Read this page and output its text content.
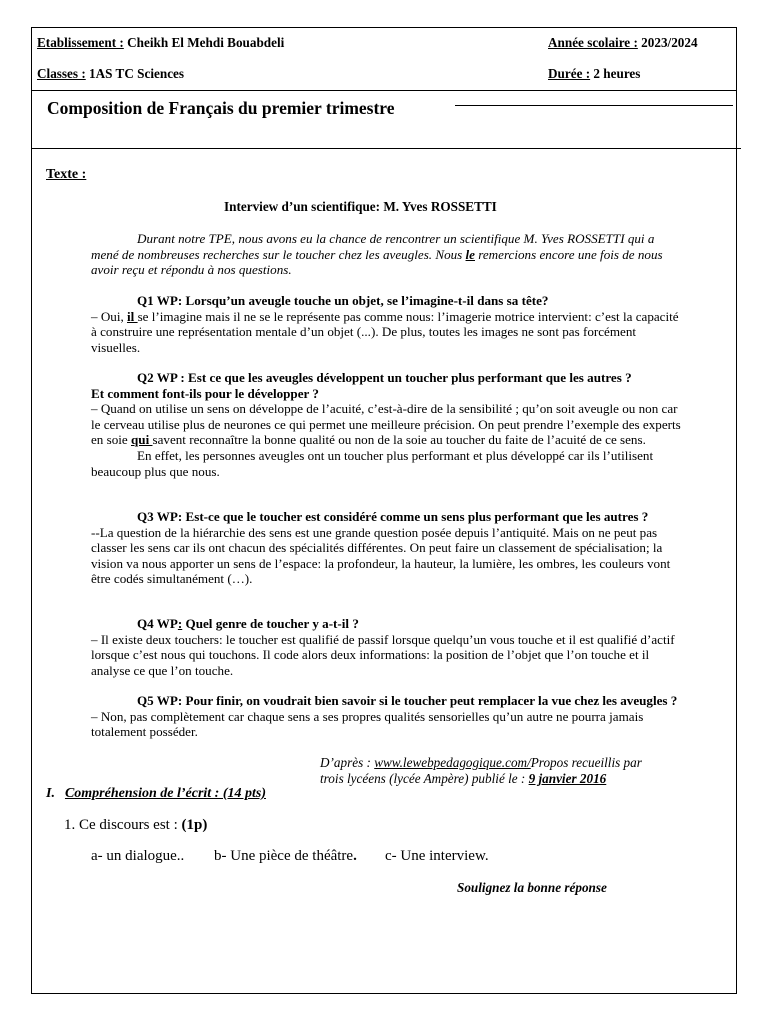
Etablissement : Cheikh El Mehdi Bouabdeli	Année scolaire : 2023/2024
Classes : 1AS TC Sciences	Durée : 2 heures
Composition de Français du premier trimestre
Texte :
Interview d’un scientifique: M. Yves ROSSETTI

Durant notre TPE, nous avons eu la chance de rencontrer un scientifique M. Yves ROSSETTI qui a mené de nombreuses recherches sur le toucher chez les aveugles. Nous le remercions encore une fois de nous avoir reçu et répondu à nos questions.

Q1 WP: Lorsqu’un aveugle touche un objet, se l’imagine-t-il dans sa tête?

– Oui, il se l’imagine mais il ne se le représente pas comme nous: l’imagerie motrice intervient: c’est la capacité à construire une représentation mentale d’un objet (...). De plus, toutes les images ne sont pas forcément visuelles.

Q2 WP : Est ce que les aveugles développent un toucher plus performant que les autres ?

Et comment font-ils pour le développer ?

– Quand on utilise un sens on développe de l’acuité, c’est-à-dire de la sensibilité ; qu’on soit aveugle ou non car le cerveau utilise plus de neurones ce qui permet une meilleure précision. On peut prendre l’exemple des experts en soie qui savent reconnaître la bonne qualité ou non de la soie au toucher du faite de l’acuité de ce sens.

En effet, les personnes aveugles ont un toucher plus performant et plus développé car ils l’utilisent beaucoup plus que nous.

Q3 WP: Est-ce que le toucher est considéré comme un sens plus performant que les autres ?

--La question de la hiérarchie des sens est une grande question posée depuis l’antiquité. Mais on ne peut pas classer les sens car ils ont chacun des spécialités différentes. On peut faire un classement de spécialisation; la vision va nous apporter un sens de l’espace: la profondeur, la hauteur, la lumière, les ombres, les couleurs vont être codés simultanément (…).

Q4 WP: Quel genre de toucher y a-t-il ?

– Il existe deux touchers: le toucher est qualifié de passif lorsque quelqu’un vous touche et il est qualifié d’actif lorsque c’est nous qui touchons. Il code alors deux informations: la position de l’objet que l’on touche et il analyse ce que l’on touche.

Q5 WP: Pour finir, on voudrait bien savoir si le toucher peut remplacer la vue chez les aveugles ?

– Non, pas complètement car chaque sens a ses propres qualités sensorielles qu’un autre ne pourra jamais totalement posséder.

D’après : www.lewebpedagogique.com/Propos recueillis par
trois lycéens (lycée Ampère) publié le : 9 janvier 2016
I. Compréhension de l’écrit : (14 pts)
1. Ce discours est : (1p)
a- un dialogue.. b- Une pièce de théâtre. c- Une interview.
Soulignez la bonne réponse
